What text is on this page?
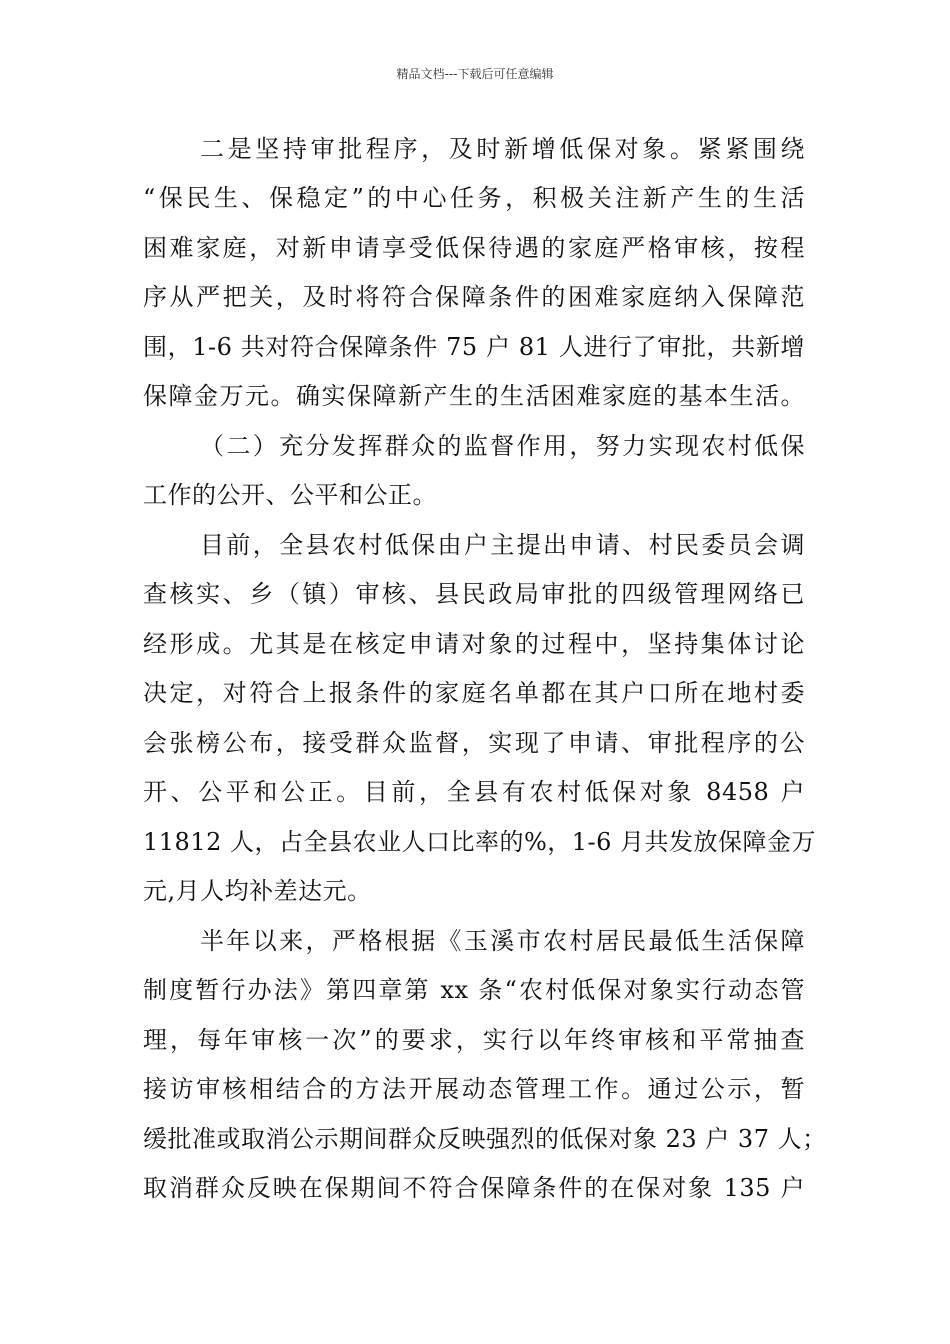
精品文档---下载后可任意编辑
二是坚持审批程序，及时新增低保对象。紧紧围绕
“保民生、保稳定”的中心任务，积极关注新产生的生活
困难家庭，对新申请享受低保待遇的家庭严格审核，按程
序从严把关，及时将符合保障条件的困难家庭纳入保障范
围，1-6 共对符合保障条件 75 户 81 人进行了审批，共新增
保障金万元。确实保障新产生的生活困难家庭的基本生活。
（二）充分发挥群众的监督作用，努力实现农村低保
工作的公开、公平和公正。
目前，全县农村低保由户主提出申请、村民委员会调
查核实、乡（镇）审核、县民政局审批的四级管理网络已
经形成。尤其是在核定申请对象的过程中，坚持集体讨论
决定，对符合上报条件的家庭名单都在其户口所在地村委
会张榜公布，接受群众监督，实现了申请、审批程序的公
开、公平和公正。目前，全县有农村低保对象 8458 户
11812 人，占全县农业人口比率的%，1-6 月共发放保障金万
元,月人均补差达元。
半年以来，严格根据《玉溪市农村居民最低生活保障
制度暂行办法》第四章第 xx 条“农村低保对象实行动态管
理，每年审核一次”的要求，实行以年终审核和平常抽查
接访审核相结合的方法开展动态管理工作。通过公示，暂
缓批准或取消公示期间群众反映强烈的低保对象 23 户 37 人；
取消群众反映在保期间不符合保障条件的在保对象 135 户
